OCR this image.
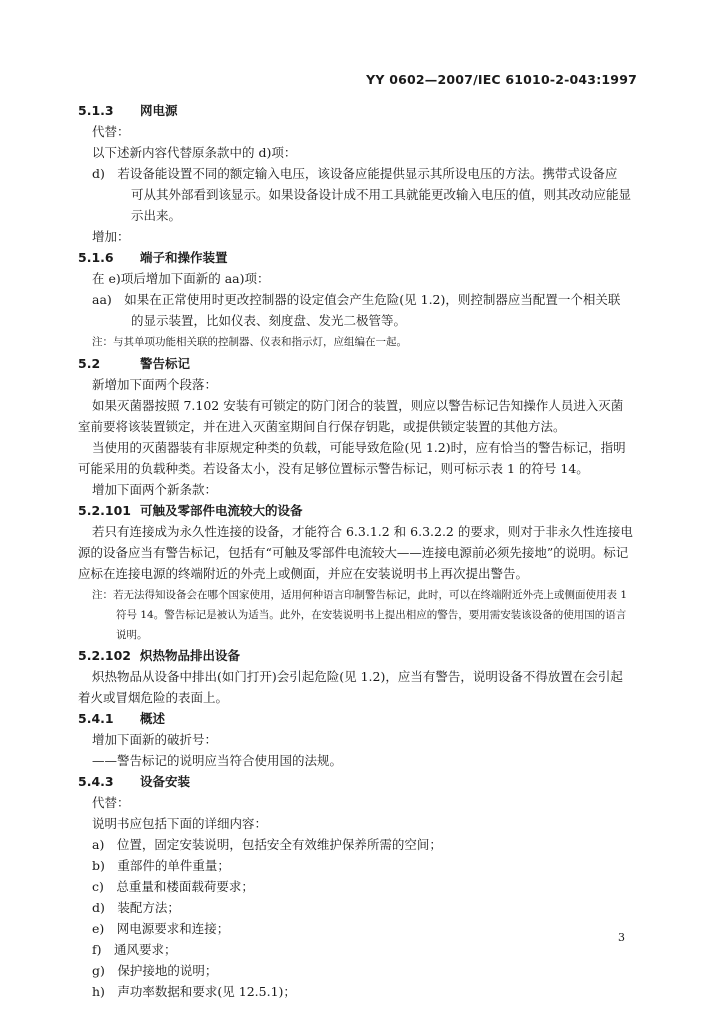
YY 0602—2007/IEC 61010-2-043:1997
5.1.3 网电源
代替：
以下述新内容代替原条款中的 d)项：
d)　若设备能设置不同的额定输入电压，该设备应能提供显示其所设电压的方法。携带式设备应
可从其外部看到该显示。如果设备设计成不用工具就能更改输入电压的值，则其改动应能显
示出来。
增加：
5.1.6 端子和操作装置
在 e)项后增加下面新的 aa)项：
aa)　如果在正常使用时更改控制器的设定值会产生危险(见 1.2)，则控制器应当配置一个相关联
的显示装置，比如仪表、刻度盘、发光二极管等。
注：与其单项功能相关联的控制器、仪表和指示灯，应组编在一起。
5.2	警告标记
新增加下面两个段落：
如果灭菌器按照 7.102 安装有可锁定的防门闭合的装置，则应以警告标记告知操作人员进入灭菌
室前要将该装置锁定，并在进入灭菌室期间自行保存钥匙，或提供锁定装置的其他方法。
当使用的灭菌器装有非原规定种类的负载，可能导致危险(见 1.2)时，应有恰当的警告标记，指明
可能采用的负载种类。若设备太小，没有足够位置标示警告标记，则可标示表 1 的符号 14。
增加下面两个新条款：
5.2.101 可触及零部件电流较大的设备
若只有连接成为永久性连接的设备，才能符合 6.3.1.2 和 6.3.2.2 的要求，则对于非永久性连接电
源的设备应当有警告标记，包括有“可触及零部件电流较大——连接电源前必须先接地”的说明。标记
应标在连接电源的终端附近的外壳上或侧面，并应在安装说明书上再次提出警告。
注：若无法得知设备会在哪个国家使用，适用何种语言印制警告标记，此时，可以在终端附近外壳上或侧面使用表 1
符号 14。警告标记是被认为适当。此外，在安装说明书上提出相应的警告，要用需安装该设备的使用国的语言
说明。
5.2.102 炽热物品排出设备
炽热物品从设备中排出(如门打开)会引起危险(见 1.2)，应当有警告，说明设备不得放置在会引起
着火或冒烟危险的表面上。
5.4.1 概述
增加下面新的破折号：
——警告标记的说明应当符合使用国的法规。
5.4.3 设备安装
代替：
说明书应包括下面的详细内容：
a)　位置，固定安装说明，包括安全有效维护保养所需的空间；
b)　重部件的单件重量；
c)　总重量和楼面载荷要求；
d)　装配方法；
e)　网电源要求和连接；
f)　通风要求；
g)　保护接地的说明；
h)　声功率数据和要求(见 12.5.1)；
3
